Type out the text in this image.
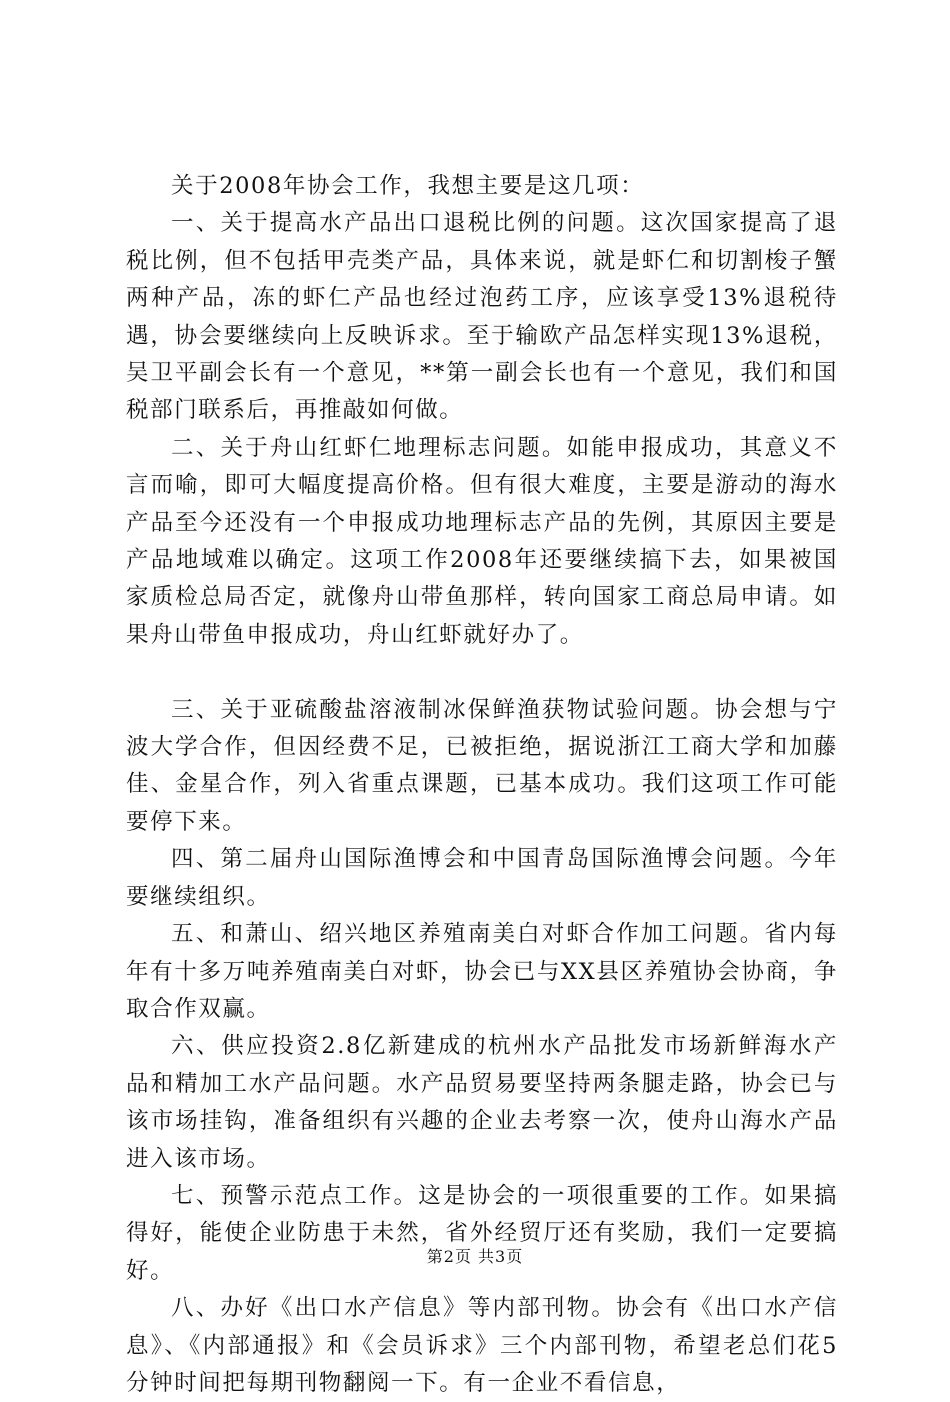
关于2008年协会工作，我想主要是这几项：

一、关于提高水产品出口退税比例的问题。这次国家提高了退税比例，但不包括甲壳类产品，具体来说，就是虾仁和切割梭子蟹两种产品，冻的虾仁产品也经过泡药工序，应该享受13%退税待遇，协会要继续向上反映诉求。至于输欧产品怎样实现13%退税，吴卫平副会长有一个意见，**第一副会长也有一个意见，我们和国税部门联系后，再推敲如何做。

二、关于舟山红虾仁地理标志问题。如能申报成功，其意义不言而喻，即可大幅度提高价格。但有很大难度，主要是游动的海水产品至今还没有一个申报成功地理标志产品的先例，其原因主要是产品地域难以确定。这项工作2008年还要继续搞下去，如果被国家质检总局否定，就像舟山带鱼那样，转向国家工商总局申请。如果舟山带鱼申报成功，舟山红虾就好办了。

三、关于亚硫酸盐溶液制冰保鲜渔获物试验问题。协会想与宁波大学合作，但因经费不足，已被拒绝，据说浙江工商大学和加藤佳、金星合作，列入省重点课题，已基本成功。我们这项工作可能要停下来。

四、第二届舟山国际渔博会和中国青岛国际渔博会问题。今年要继续组织。

五、和萧山、绍兴地区养殖南美白对虾合作加工问题。省内每年有十多万吨养殖南美白对虾，协会已与XX县区养殖协会协商，争取合作双赢。

六、供应投资2.8亿新建成的杭州水产品批发市场新鲜海水产品和精加工水产品问题。水产品贸易要坚持两条腿走路，协会已与该市场挂钩，准备组织有兴趣的企业去考察一次，使舟山海水产品进入该市场。

七、预警示范点工作。这是协会的一项很重要的工作。如果搞得好，能使企业防患于未然，省外经贸厅还有奖励，我们一定要搞好。

八、办好《出口水产信息》等内部刊物。协会有《出口水产信息》、《内部通报》和《会员诉求》三个内部刊物，希望老总们花5分钟时间把每期刊物翻阅一下。有一企业不看信息，

第2页 共3页
